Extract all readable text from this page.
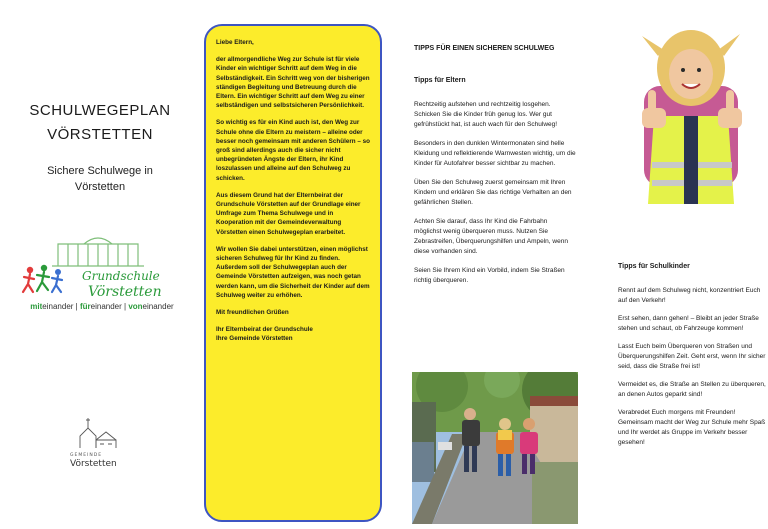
SCHULWEGEPLAN
VÖRSTETTEN
Sichere Schulwege in
Vörstetten
Grundschule
Vörstetten
miteinander | füreinander | voneinander
GEMEINDE
Vörstetten

Liebe Eltern,

der allmorgendliche Weg zur Schule ist für viele Kinder ein wichtiger Schritt auf dem Weg in die Selbständigkeit. Ein Schritt weg von der bisherigen ständigen Begleitung und Betreuung durch die Eltern. Ein wichtiger Schritt auf dem Weg zu einer selbständigen und selbstsicheren Persönlichkeit.

So wichtig es für ein Kind auch ist, den Weg zur Schule ohne die Eltern zu meistern – alleine oder besser noch gemeinsam mit anderen Schülern – so groß sind allerdings auch die sicher nicht unbegründeten Ängste der Eltern, ihr Kind loszulassen und alleine auf den Schulweg zu schicken.

Aus diesem Grund hat der Elternbeirat der Grundschule Vörstetten auf der Grundlage einer Umfrage zum Thema Schulwege und in Kooperation mit der Gemeindeverwaltung Vörstetten einen Schulwegeplan erarbeitet.

Wir wollen Sie dabei unterstützen, einen möglichst sicheren Schulweg für Ihr Kind zu finden. Außerdem soll der Schulwegeplan auch der Gemeinde Vörstetten aufzeigen, was noch getan werden kann, um die Sicherheit der Kinder auf dem Schulweg weiter zu erhöhen.

Mit freundlichen Grüßen

Ihr Elternbeirat der Grundschule
Ihre Gemeinde Vörstetten

TIPPS FÜR EINEN SICHEREN SCHULWEG
Tipps für Eltern

Rechtzeitig aufstehen und rechtzeitig losgehen. Schicken Sie die Kinder früh genug los. Wer gut gefrühstückt hat, ist auch wach für den Schulweg!

Besonders in den dunklen Wintermonaten sind helle Kleidung und reflektierende Warnwesten wichtig, um die Kinder für Autofahrer besser sichtbar zu machen.

Üben Sie den Schulweg zuerst gemeinsam mit Ihren Kindern und erklären Sie das richtige Verhalten an den gefährlichen Stellen.

Achten Sie darauf, dass Ihr Kind die Fahrbahn möglichst wenig überqueren muss. Nutzen Sie Zebrastreifen, Überquerungshilfen und Ampeln, wenn diese vorhanden sind.

Seien Sie Ihrem Kind ein Vorbild, indem Sie Straßen richtig überqueren.

Tipps für Schulkinder

Rennt auf dem Schulweg nicht, konzentriert Euch auf den Verkehr!

Erst sehen, dann gehen! – Bleibt an jeder Straße stehen und schaut, ob Fahrzeuge kommen!

Lasst Euch beim Überqueren von Straßen und Überquerungshilfen Zeit. Geht erst, wenn Ihr sicher seid, dass die Straße frei ist!

Vermeidet es, die Straße an Stellen zu überqueren, an denen Autos geparkt sind!

Verabredet Euch morgens mit Freunden! Gemeinsam macht der Weg zur Schule mehr Spaß und Ihr werdet als Gruppe im Verkehr besser gesehen!
